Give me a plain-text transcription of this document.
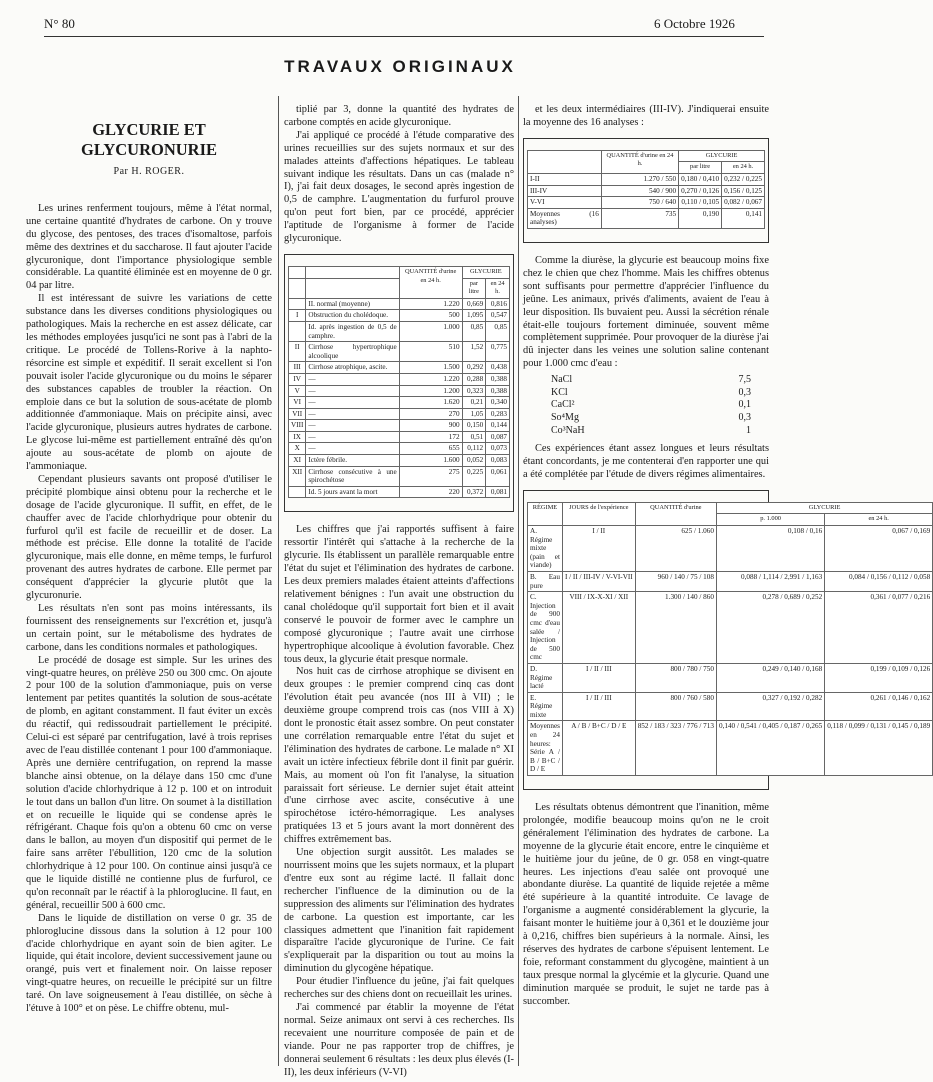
N° 80	6 Octobre 1926
TRAVAUX ORIGINAUX
GLYCURIE ET GLYCURONURIE
Par H. ROGER.

Les urines renferment toujours, même à l'état normal, une certaine quantité d'hydrates de carbone. On y trouve du glycose, des pentoses, des traces d'isomaltose, parfois même des dextrines et du saccharose. Il faut ajouter l'acide glycuronique, dont l'importance physiologique semble considérable. La quantité éliminée est en moyenne de 0 gr. 04 par litre.

Il est intéressant de suivre les variations de cette substance dans les diverses conditions physiologiques ou pathologiques. Mais la recherche en est assez délicate, car les méthodes employées jusqu'ici ne sont pas à l'abri de la critique. Le procédé de Tollens-Rorive à la naphto-résorcine est simple et expéditif. Il serait excellent si l'on pouvait isoler l'acide glycuronique ou du moins le séparer des substances capables de troubler la réaction. On emploie dans ce but la solution de sous-acétate de plomb additionnée d'ammoniaque. Mais on précipite ainsi, avec l'acide glycuronique, plusieurs autres hydrates de carbone. Le glycose lui-même est partiellement entraîné dès qu'on ajoute au sous-acétate de plomb on ajoute de l'ammoniaque.

Cependant plusieurs savants ont proposé d'utiliser le précipité plombique ainsi obtenu pour la recherche et le dosage de l'acide glycuronique. Il suffit, en effet, de le chauffer avec de l'acide chlorhydrique pour obtenir du furfurol qu'il est facile de recueillir et de doser. La méthode est précise. Elle donne la totalité de l'acide glycuronique, mais elle donne, en même temps, le furfurol provenant des autres hydrates de carbone. Elle permet par conséquent d'apprécier la glycurie plutôt que la glycuronurie.

Les résultats n'en sont pas moins intéressants, ils fournissent des renseignements sur l'excrétion et, jusqu'à un certain point, sur le métabolisme des hydrates de carbone, dans les conditions normales et pathologiques.

Le procédé de dosage est simple. Sur les urines des vingt-quatre heures, on prélève 250 ou 300 cmc. On ajoute 2 pour 100 de la solution d'ammoniaque, puis on verse lentement par petites quantités la solution de sous-acétate de plomb, en agitant constamment. Il faut éviter un excès du réactif, qui redissoudrait partiellement le précipité. Celui-ci est séparé par centrifugation, lavé à trois reprises avec de l'eau distillée contenant 1 pour 100 d'ammoniaque. Après une dernière centrifugation, on reprend la masse blanche ainsi obtenue, on la délaye dans 150 cmc d'une solution d'acide chlorhydrique à 12 p. 100 et on introduit le tout dans un ballon d'un litre. On soumet à la distillation et on recueille le liquide qui se condense après le réfrigérant. Chaque fois qu'on a obtenu 60 cmc on verse dans le ballon, au moyen d'un dispositif qui permet de le faire sans arrêter l'ébullition, 120 cmc de la solution chlorhydrique à 12 pour 100. On continue ainsi jusqu'à ce que le liquide distillé ne contienne plus de furfurol, ce qu'on reconnaît par le réactif à la phloroglucine. Il faut, en général, recueillir 500 à 600 cmc.

Dans le liquide de distillation on verse 0 gr. 35 de phloroglucine dissous dans la solution à 12 pour 100 d'acide chlorhydrique en ayant soin de bien agiter. Le liquide, qui était incolore, devient successivement jaune ou orangé, puis vert et finalement noir. On laisse reposer vingt-quatre heures, on recueille le précipité sur un filtre taré. On lave soigneusement à l'eau distillée, on sèche à l'étuve à 100° et on pèse. Le chiffre obtenu, mul-

tiplié par 3, donne la quantité des hydrates de carbone comptés en acide glycuronique.

J'ai appliqué ce procédé à l'étude comparative des urines recueillies sur des sujets normaux et sur des malades atteints d'affections hépatiques. Le tableau suivant indique les résultats. Dans un cas (malade n° I), j'ai fait deux dosages, le second après ingestion de 0,5 de camphre. L'augmentation du furfurol prouve qu'on peut fort bien, par ce procédé, apprécier l'aptitude de l'organisme à former de l'acide glycuronique.

		QUANTITÉ d'urine en 24 h.	GLYCURIE	
			par litre	en 24 h.
	II. normal (moyenne)	1.220	0,669	0,816
I	Obstruction du cholédoque.	500	1,095	0,547
	Id. après ingestion de 0,5 de camphre.	1.000	0,85	0,85
II	Cirrhose hypertrophique alcoolique	510	1,52	0,775
III	Cirrhose atrophique, ascite.	1.500	0,292	0,438
IV	—	1.220	0,288	0,388
V	—	1.200	0,323	0,388
VI	—	1.620	0,21	0,340
VII	—	270	1,05	0,283
VIII	—	900	0,150	0,144
IX	—	172	0,51	0,087
X	—	655	0,112	0,073
XI	Ictère fébrile.	1.600	0,052	0,083
XII	Cirrhose consécutive à une spirochétose	275	0,225	0,061
	Id. 5 jours avant la mort	220	0,372	0,081

Les chiffres que j'ai rapportés suffisent à faire ressortir l'intérêt qui s'attache à la recherche de la glycurie. Ils établissent un parallèle remarquable entre l'état du sujet et l'élimination des hydrates de carbone. Les deux premiers malades étaient atteints d'affections relativement bénignes : l'un avait une obstruction du canal cholédoque qu'il supportait fort bien et il avait conservé le pouvoir de former avec le camphre un composé glycuronique ; l'autre avait une cirrhose hypertrophique alcoolique à évolution favorable. Chez tous deux, la glycurie était presque normale.

Nos huit cas de cirrhose atrophique se divisent en deux groupes : le premier comprend cinq cas dont l'évolution était peu avancée (nos III à VII) ; le deuxième groupe comprend trois cas (nos VIII à X) dont le pronostic était assez sombre. On peut constater une corrélation remarquable entre l'état du sujet et l'élimination des hydrates de carbone. Le malade n° XI avait un ictère infectieux fébrile dont il finit par guérir. Mais, au moment où l'on fit l'analyse, la situation paraissait fort sérieuse. Le dernier sujet était atteint d'une cirrhose avec ascite, consécutive à une spirochétose ictéro-hémorragique. Les analyses pratiquées 13 et 5 jours avant la mort donnèrent des chiffres extrêmement bas.

Une objection surgit aussitôt. Les malades se nourrissent moins que les sujets normaux, et la plupart d'entre eux sont au régime lacté. Il fallait donc rechercher l'influence de la diminution ou de la suppression des aliments sur l'élimination des hydrates de carbone. La question est importante, car les classiques admettent que l'inanition fait rapidement disparaître l'acide glycuronique de l'urine. Ce fait s'expliquerait par la disparition ou tout au moins la diminution du glycogène hépatique.

Pour étudier l'influence du jeûne, j'ai fait quelques recherches sur des chiens dont on recueillait les urines.

J'ai commencé par établir la moyenne de l'état normal. Seize animaux ont servi à ces recherches. Ils recevaient une nourriture composée de pain et de viande. Pour ne pas rapporter trop de chiffres, je donnerai seulement 6 résultats : les deux plus élevés (I-II), les deux inférieurs (V-VI)

et les deux intermédiaires (III-IV). J'indiquerai ensuite la moyenne des 16 analyses :

	QUANTITÉ d'urine en 24 h.	GLYCURIE	
		par litre	en 24 h.
I-II	1.270 / 550	0,180 / 0,410	0,232 / 0,225
III-IV	540 / 900	0,270 / 0,126	0,156 / 0,125
V-VI	750 / 640	0,110 / 0,105	0,082 / 0,067
Moyennes (16 analyses)	735	0,190	0,141

Comme la diurèse, la glycurie est beaucoup moins fixe chez le chien que chez l'homme. Mais les chiffres obtenus sont suffisants pour permettre d'apprécier l'influence du jeûne. Les animaux, privés d'aliments, avaient de l'eau à leur disposition. Ils buvaient peu. Aussi la sécrétion rénale était-elle toujours fortement diminuée, souvent même complètement supprimée. Pour provoquer de la diurèse j'ai dû injecter dans les veines une solution saline contenant pour 1.000 cmc d'eau :

NaCl	7,5
KCl	0,3
CaCl²	0,1
So⁴Mg	0,3
Co³NaH	1

Ces expériences étant assez longues et leurs résultats étant concordants, je me contenterai d'en rapporter une qui a été complétée par l'étude de divers régimes alimentaires.

RÉGIME	JOURS de l'expérience	QUANTITÉ d'urine	GLYCURIE	
			p. 1.000	en 24 h.
A. Régime mixte (pain et viande)	I / II	625 / 1.060	0,108 / 0,16	0,067 / 0,169
B. Eau pure	I / II / III-IV / V-VI-VII	960 / 140 / 75 / 108	0,088 / 1,114 / 2,991 / 1,163	0,084 / 0,156 / 0,112 / 0,058
C. Injection de 900 cmc d'eau salée / Injection de 500 cmc	VIII / IX-X-XI / XII	1.300 / 140 / 860	0,278 / 0,689 / 0,252	0,361 / 0,077 / 0,216
D. Régime lacté	I / II / III	800 / 780 / 750	0,249 / 0,140 / 0,168	0,199 / 0,109 / 0,126
E. Régime mixte	I / II / III	800 / 760 / 580	0,327 / 0,192 / 0,282	0,261 / 0,146 / 0,162
Moyennes en 24 heures: Série A / B / B+C / D / E	A / B / B+C / D / E	852 / 183 / 323 / 776 / 713	0,140 / 0,541 / 0,405 / 0,187 / 0,265	0,118 / 0,099 / 0,131 / 0,145 / 0,189

Les résultats obtenus démontrent que l'inanition, même prolongée, modifie beaucoup moins qu'on ne le croit généralement l'élimination des hydrates de carbone. La moyenne de la glycurie était encore, entre le cinquième et le huitième jour du jeûne, de 0 gr. 058 en vingt-quatre heures. Les injections d'eau salée ont provoqué une abondante diurèse. La quantité de liquide rejetée a même été supérieure à la quantité introduite. Ce lavage de l'organisme a augmenté considérablement la glycurie, la faisant monter le huitième jour à 0,361 et le douzième jour à 0,216, chiffres bien supérieurs à la normale. Ainsi, les réserves des hydrates de carbone s'épuisent lentement. Le foie, reformant constamment du glycogène, maintient à un taux presque normal la glycémie et la glycurie. Quand une diminution marquée se produit, le sujet ne tarde pas à succomber.
